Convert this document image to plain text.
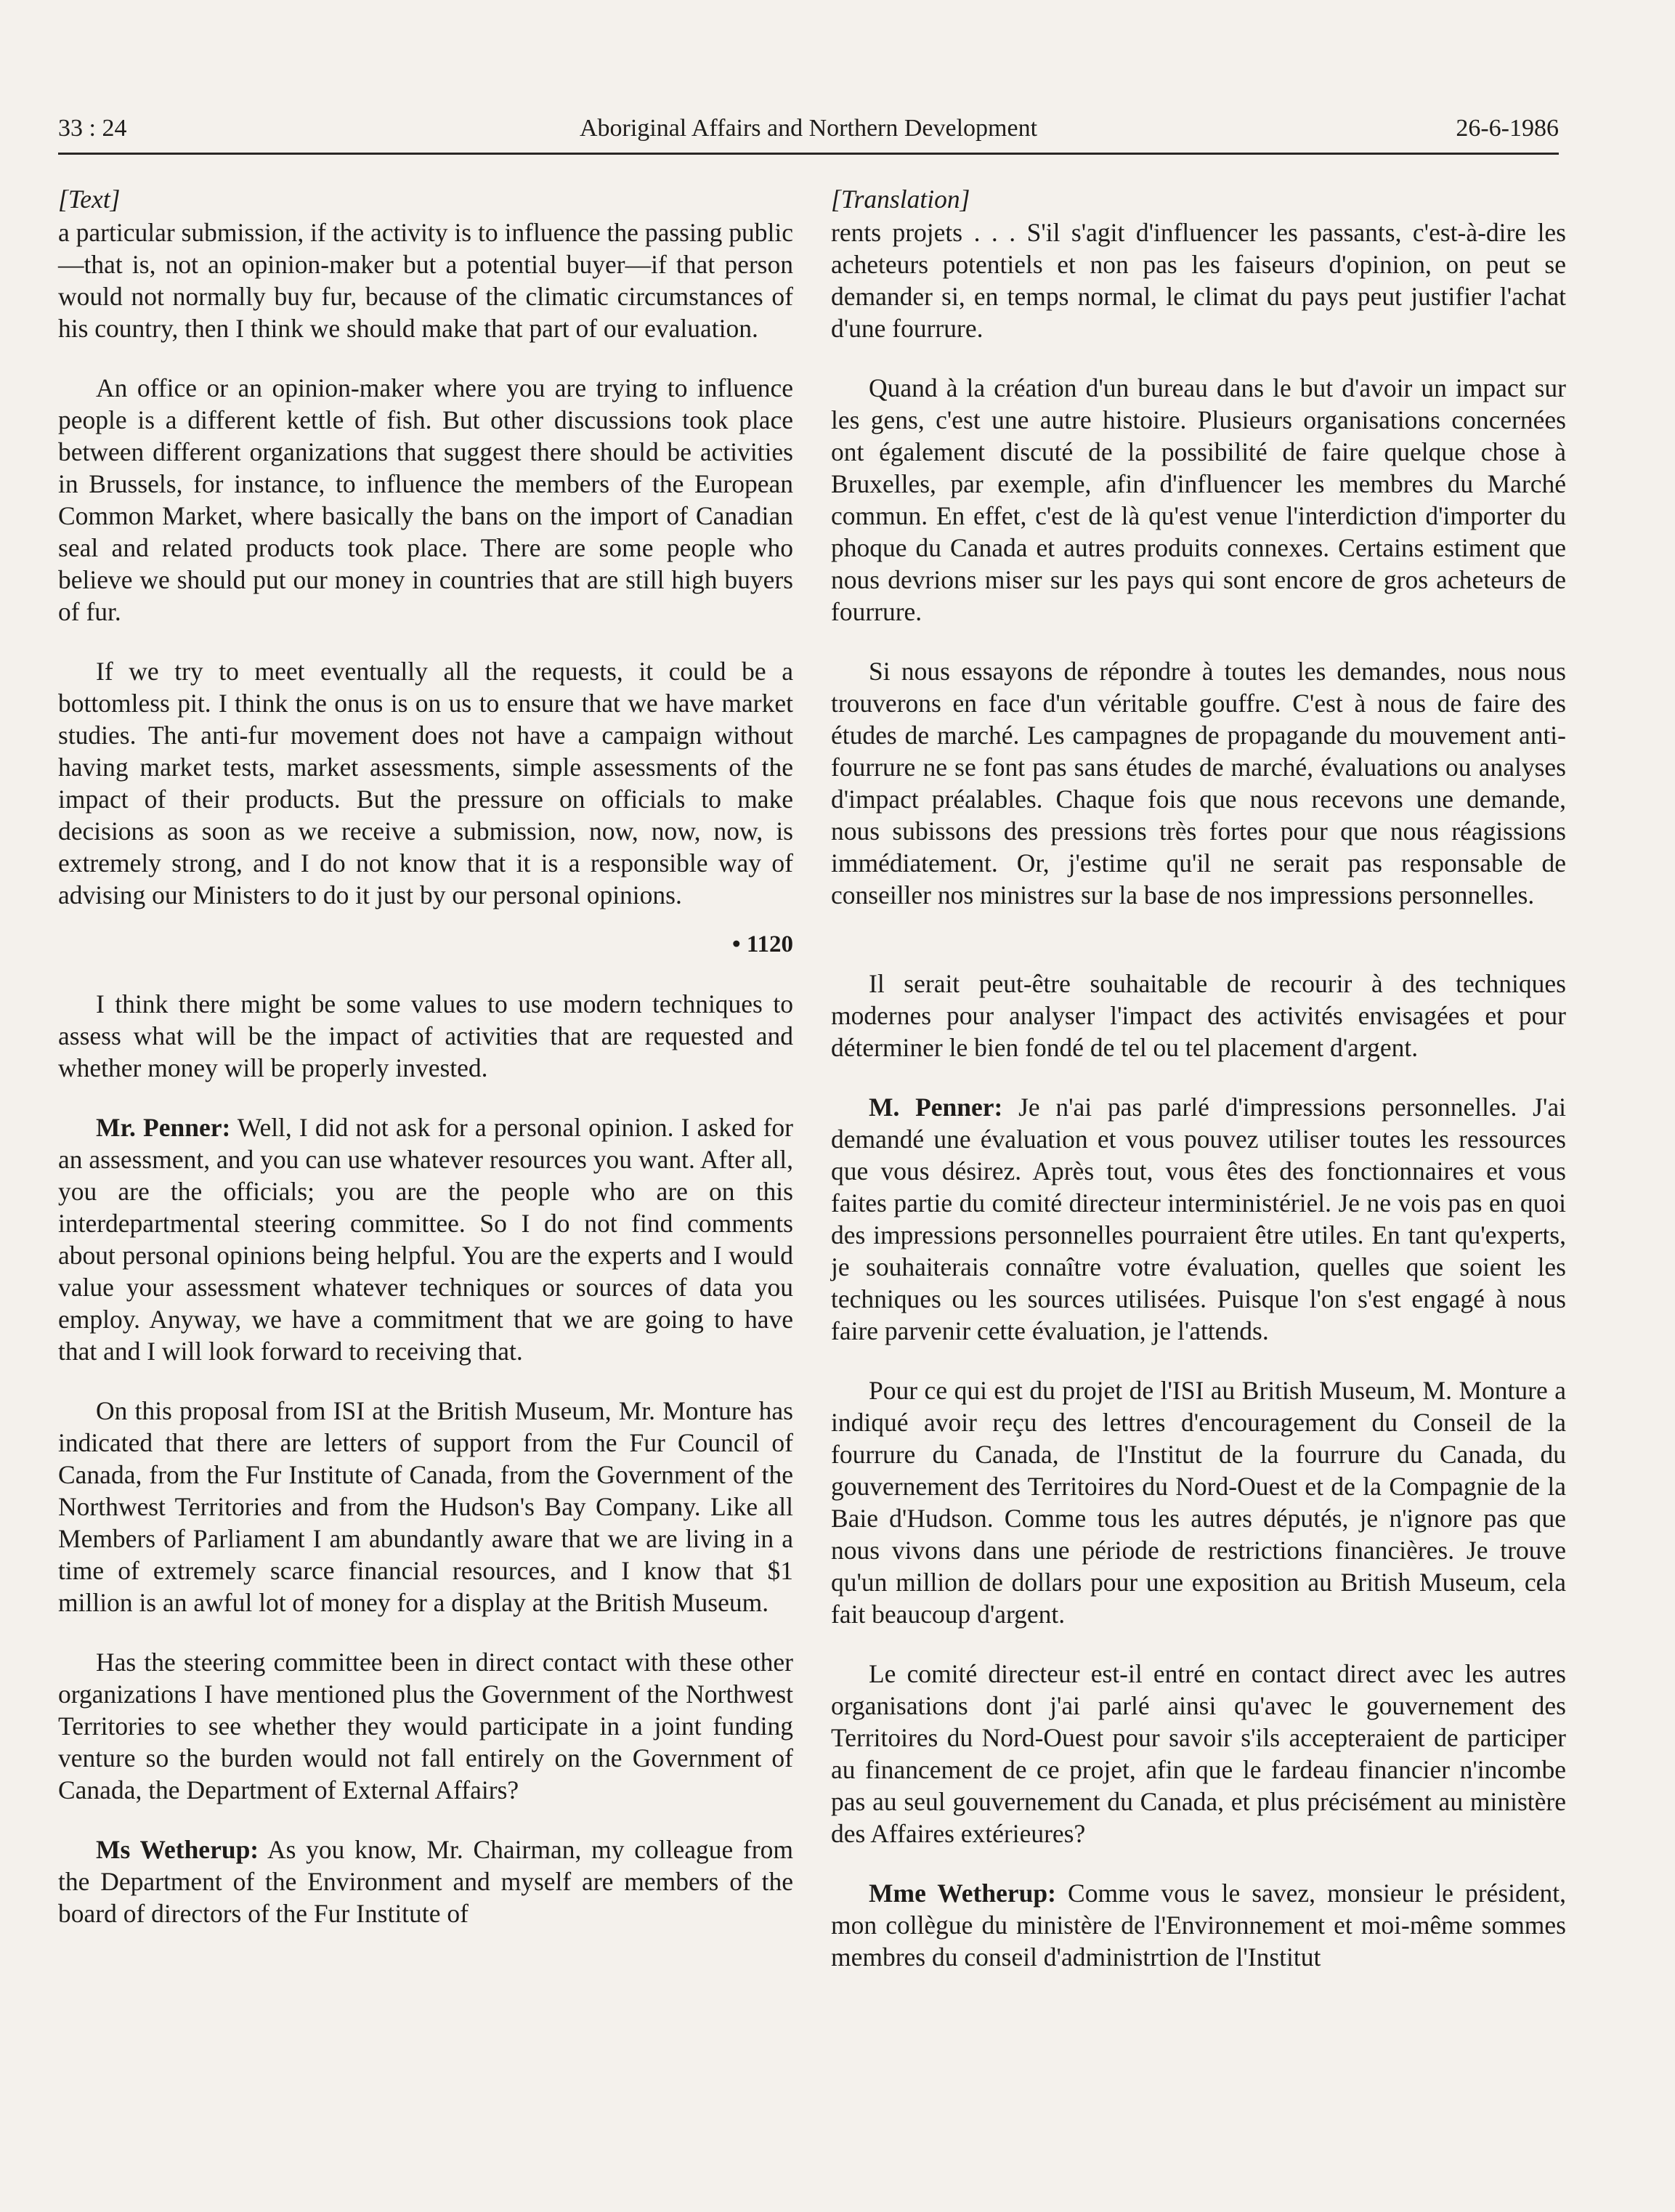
33 : 24	Aboriginal Affairs and Northern Development	26-6-1986
[Text]

a particular submission, if the activity is to influence the passing public—that is, not an opinion-maker but a potential buyer—if that person would not normally buy fur, because of the climatic circumstances of his country, then I think we should make that part of our evaluation.

An office or an opinion-maker where you are trying to influence people is a different kettle of fish. But other discussions took place between different organizations that suggest there should be activities in Brussels, for instance, to influence the members of the European Common Market, where basically the bans on the import of Canadian seal and related products took place. There are some people who believe we should put our money in countries that are still high buyers of fur.

If we try to meet eventually all the requests, it could be a bottomless pit. I think the onus is on us to ensure that we have market studies. The anti-fur movement does not have a campaign without having market tests, market assessments, simple assessments of the impact of their products. But the pressure on officials to make decisions as soon as we receive a submission, now, now, now, is extremely strong, and I do not know that it is a responsible way of advising our Ministers to do it just by our personal opinions.

• 1120

I think there might be some values to use modern techniques to assess what will be the impact of activities that are requested and whether money will be properly invested.

Mr. Penner: Well, I did not ask for a personal opinion. I asked for an assessment, and you can use whatever resources you want. After all, you are the officials; you are the people who are on this interdepartmental steering committee. So I do not find comments about personal opinions being helpful. You are the experts and I would value your assessment whatever techniques or sources of data you employ. Anyway, we have a commitment that we are going to have that and I will look forward to receiving that.

On this proposal from ISI at the British Museum, Mr. Monture has indicated that there are letters of support from the Fur Council of Canada, from the Fur Institute of Canada, from the Government of the Northwest Territories and from the Hudson's Bay Company. Like all Members of Parliament I am abundantly aware that we are living in a time of extremely scarce financial resources, and I know that $1 million is an awful lot of money for a display at the British Museum.

Has the steering committee been in direct contact with these other organizations I have mentioned plus the Government of the Northwest Territories to see whether they would participate in a joint funding venture so the burden would not fall entirely on the Government of Canada, the Department of External Affairs?

Ms Wetherup: As you know, Mr. Chairman, my colleague from the Department of the Environment and myself are members of the board of directors of the Fur Institute of

[Translation]

rents projets . . . S'il s'agit d'influencer les passants, c'est-à-dire les acheteurs potentiels et non pas les faiseurs d'opinion, on peut se demander si, en temps normal, le climat du pays peut justifier l'achat d'une fourrure.

Quand à la création d'un bureau dans le but d'avoir un impact sur les gens, c'est une autre histoire. Plusieurs organisations concernées ont également discuté de la possibilité de faire quelque chose à Bruxelles, par exemple, afin d'influencer les membres du Marché commun. En effet, c'est de là qu'est venue l'interdiction d'importer du phoque du Canada et autres produits connexes. Certains estiment que nous devrions miser sur les pays qui sont encore de gros acheteurs de fourrure.

Si nous essayons de répondre à toutes les demandes, nous nous trouverons en face d'un véritable gouffre. C'est à nous de faire des études de marché. Les campagnes de propagande du mouvement anti-fourrure ne se font pas sans études de marché, évaluations ou analyses d'impact préalables. Chaque fois que nous recevons une demande, nous subissons des pressions très fortes pour que nous réagissions immédiatement. Or, j'estime qu'il ne serait pas responsable de conseiller nos ministres sur la base de nos impressions personnelles.

Il serait peut-être souhaitable de recourir à des techniques modernes pour analyser l'impact des activités envisagées et pour déterminer le bien fondé de tel ou tel placement d'argent.

M. Penner: Je n'ai pas parlé d'impressions personnelles. J'ai demandé une évaluation et vous pouvez utiliser toutes les ressources que vous désirez. Après tout, vous êtes des fonctionnaires et vous faites partie du comité directeur interministériel. Je ne vois pas en quoi des impressions personnelles pourraient être utiles. En tant qu'experts, je souhaiterais connaître votre évaluation, quelles que soient les techniques ou les sources utilisées. Puisque l'on s'est engagé à nous faire parvenir cette évaluation, je l'attends.

Pour ce qui est du projet de l'ISI au British Museum, M. Monture a indiqué avoir reçu des lettres d'encouragement du Conseil de la fourrure du Canada, de l'Institut de la fourrure du Canada, du gouvernement des Territoires du Nord-Ouest et de la Compagnie de la Baie d'Hudson. Comme tous les autres députés, je n'ignore pas que nous vivons dans une période de restrictions financières. Je trouve qu'un million de dollars pour une exposition au British Museum, cela fait beaucoup d'argent.

Le comité directeur est-il entré en contact direct avec les autres organisations dont j'ai parlé ainsi qu'avec le gouvernement des Territoires du Nord-Ouest pour savoir s'ils accepteraient de participer au financement de ce projet, afin que le fardeau financier n'incombe pas au seul gouvernement du Canada, et plus précisément au ministère des Affaires extérieures?

Mme Wetherup: Comme vous le savez, monsieur le président, mon collègue du ministère de l'Environnement et moi-même sommes membres du conseil d'administrtion de l'Institut
